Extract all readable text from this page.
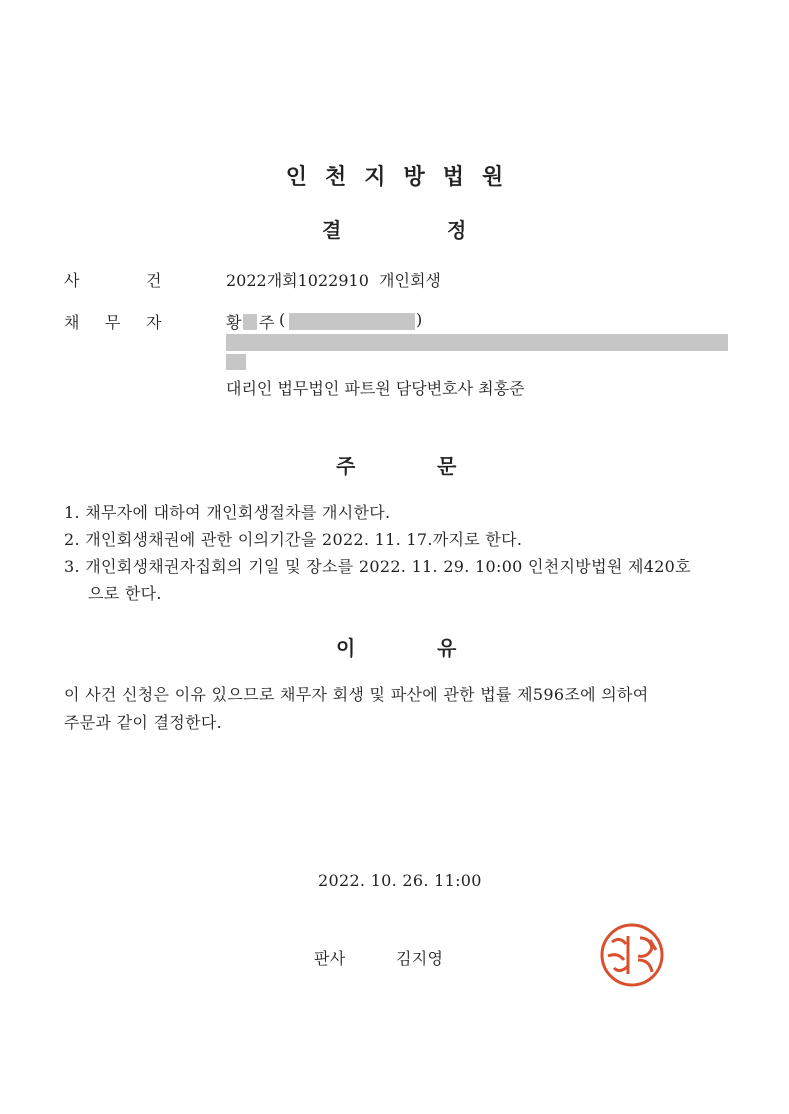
인천지방법원
결	정
사	건	2022개회1022910  개인회생
채 무 자	황 주 (	)
대리인 법무법인 파트원 담당변호사 최홍준
주	문
1. 채무자에 대하여 개인회생절차를 개시한다.
2. 개인회생채권에 관한 이의기간을 2022. 11. 17.까지로 한다.
3. 개인회생채권자집회의 기일 및 장소를 2022. 11. 29. 10:00 인천지방법원 제420호
으로 한다.
이	유
이 사건 신청은 이유 있으므로 채무자 회생 및 파산에 관한 법률 제596조에 의하여
주문과 같이 결정한다.
2022. 10. 26. 11:00
판사	김지영
